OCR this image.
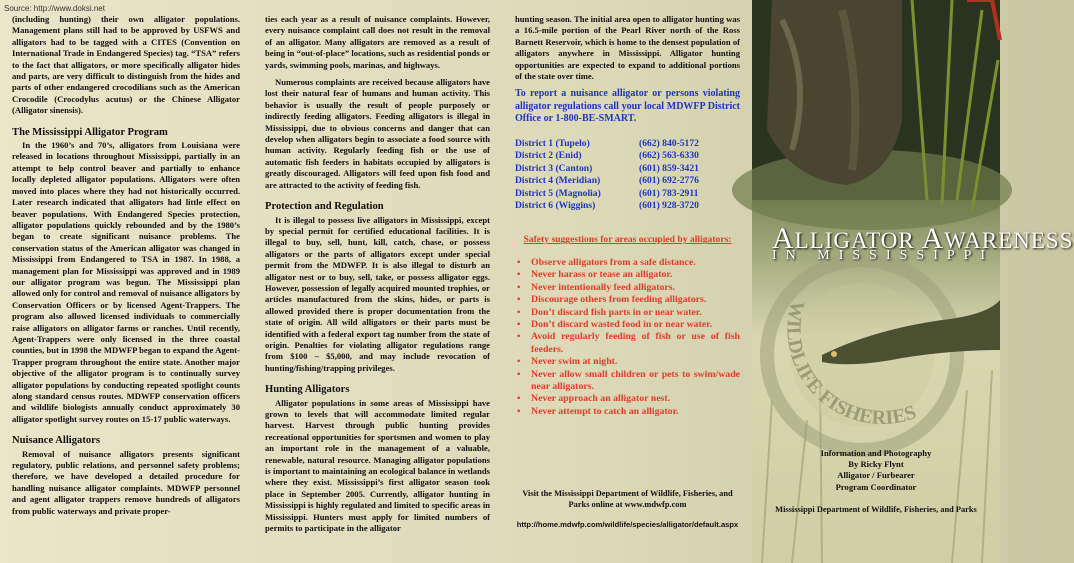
Source: http://www.doksi.net

(including hunting) their own alligator populations. Management plans still had to be approved by USFWS and alligators had to be tagged with a CITES (Convention on International Trade in Endangered Species) tag. “TSA” refers to the fact that alligators, or more specifically alligator hides and parts, are very difficult to distinguish from the hides and parts of other endangered crocodilians such as the American Crocodile (Crocodylus acutus) or the Chinese Alligator (Alligator sinensis).

The Mississippi Alligator Program

In the 1960’s and 70’s, alligators from Louisiana were released in locations throughout Mississippi, partially in an attempt to help control beaver and partially to enhance locally depleted alligator populations. Alligators were often moved into places where they had not historically occurred. Later research indicated that alligators had little effect on beaver populations. With Endangered Species protection, alligator populations quickly rebounded and by the 1980’s began to create significant nuisance problems. The conservation status of the American alligator was changed in Mississippi from Endangered to TSA in 1987. In 1988, a management plan for Mississippi was approved and in 1989 our alligator program was begun. The Mississippi plan allowed only for control and removal of nuisance alligators by Conservation Officers or by licensed Agent-Trappers. The program also allowed licensed individuals to commercially raise alligators on alligator farms or ranches. Until recently, Agent-Trappers were only licensed in the three coastal counties, but in 1998 the MDWFP began to expand the Agent-Trapper program throughout the entire state. Another major objective of the alligator program is to continually survey alligator populations by conducting repeated spotlight counts along standard census routes. MDWFP conservation officers and wildlife biologists annually conduct approximately 30 alligator spotlight survey routes on 15-17 public waterways.

Nuisance Alligators

Removal of nuisance alligators presents significant regulatory, public relations, and personnel safety problems; therefore, we have developed a detailed procedure for handling nuisance alligator complaints. MDWFP personnel and agent alligator trappers remove hundreds of alligators from public waterways and private proper-

ties each year as a result of nuisance complaints. However, every nuisance complaint call does not result in the removal of an alligator. Many alligators are removed as a result of being in “out-of-place” locations, such as residential ponds or yards, swimming pools, marinas, and highways.

Numerous complaints are received because alligators have lost their natural fear of humans and human activity. This behavior is usually the result of people purposely or indirectly feeding alligators. Feeding alligators is illegal in Mississippi, due to obvious concerns and danger that can develop when alligators begin to associate a food source with human activity. Regularly feeding fish or the use of automatic fish feeders in habitats occupied by alligators is greatly discouraged. Alligators will feed upon fish food and are attracted to the activity of feeding fish.

Protection and Regulation

It is illegal to possess live alligators in Mississippi, except by special permit for certified educational facilities. It is illegal to buy, sell, hunt, kill, catch, chase, or possess alligators or the parts of alligators except under special permit from the MDWFP. It is also illegal to disturb an alligator nest or to buy, sell, take, or possess alligator eggs. However, possession of legally acquired mounted trophies, or articles manufactured from the skins, hides, or parts is allowed provided there is proper documentation from the state of origin. All wild alligators or their parts must be identified with a federal export tag number from the state of origin. Penalties for violating alligator regulations range from $100 – $5,000, and may include revocation of hunting/fishing/trapping privileges.

Hunting Alligators

Alligator populations in some areas of Mississippi have grown to levels that will accommodate limited regular harvest. Harvest through public hunting provides recreational opportunities for sportsmen and women to play an important role in the management of a valuable, renewable, natural resource. Managing alligator populations is important to maintaining an ecological balance in wetlands where they exist. Mississippi’s first alligator season took place in September 2005. Currently, alligator hunting in Mississippi is highly regulated and limited to specific areas in Mississippi. Hunters must apply for limited numbers of permits to participate in the alligator

hunting season. The initial area open to alligator hunting was a 16.5-mile portion of the Pearl River north of the Ross Barnett Reservoir, which is home to the densest population of alligators anywhere in Mississippi. Alligator hunting opportunities are expected to expand to additional portions of the state over time.

To report a nuisance alligator or persons violating alligator regulations call your local MDWFP District Office or 1-800-BE-SMART.

District 1 (Tupelo)	(662) 840-5172
District 2 (Enid)	(662) 563-6330
District 3 (Canton)	(601) 859-3421
District 4 (Meridian)	(601) 692-2776
District 5 (Magnolia)	(601) 783-2911
District 6 (Wiggins)	(601) 928-3720
Safety suggestions for areas occupied by alligators:
• Observe alligators from a safe distance.
• Never harass or tease an alligator.
• Never intentionally feed alligators.
• Discourage others from feeding alligators.
• Don’t discard fish parts in or near water.
• Don’t discard wasted food in or near water.
• Avoid regularly feeding of fish or use of fish feeders.
• Never swim at night.
• Never allow small children or pets to swim/wade near alligators.
• Never approach an alligator nest.
• Never attempt to catch an alligator.
Visit the Mississippi Department of Wildlife, Fisheries, and Parks online at www.mdwfp.com
http://home.mdwfp.com/wildlife/species/alligator/default.aspx
WILDLIFE FISHERIES
ALLIGATOR AWARENESS
IN MISSISSIPPI
Information and Photography
By Ricky Flynt
Alligator / Furbearer
Program Coordinator
Mississippi Department of Wildlife, Fisheries, and Parks
